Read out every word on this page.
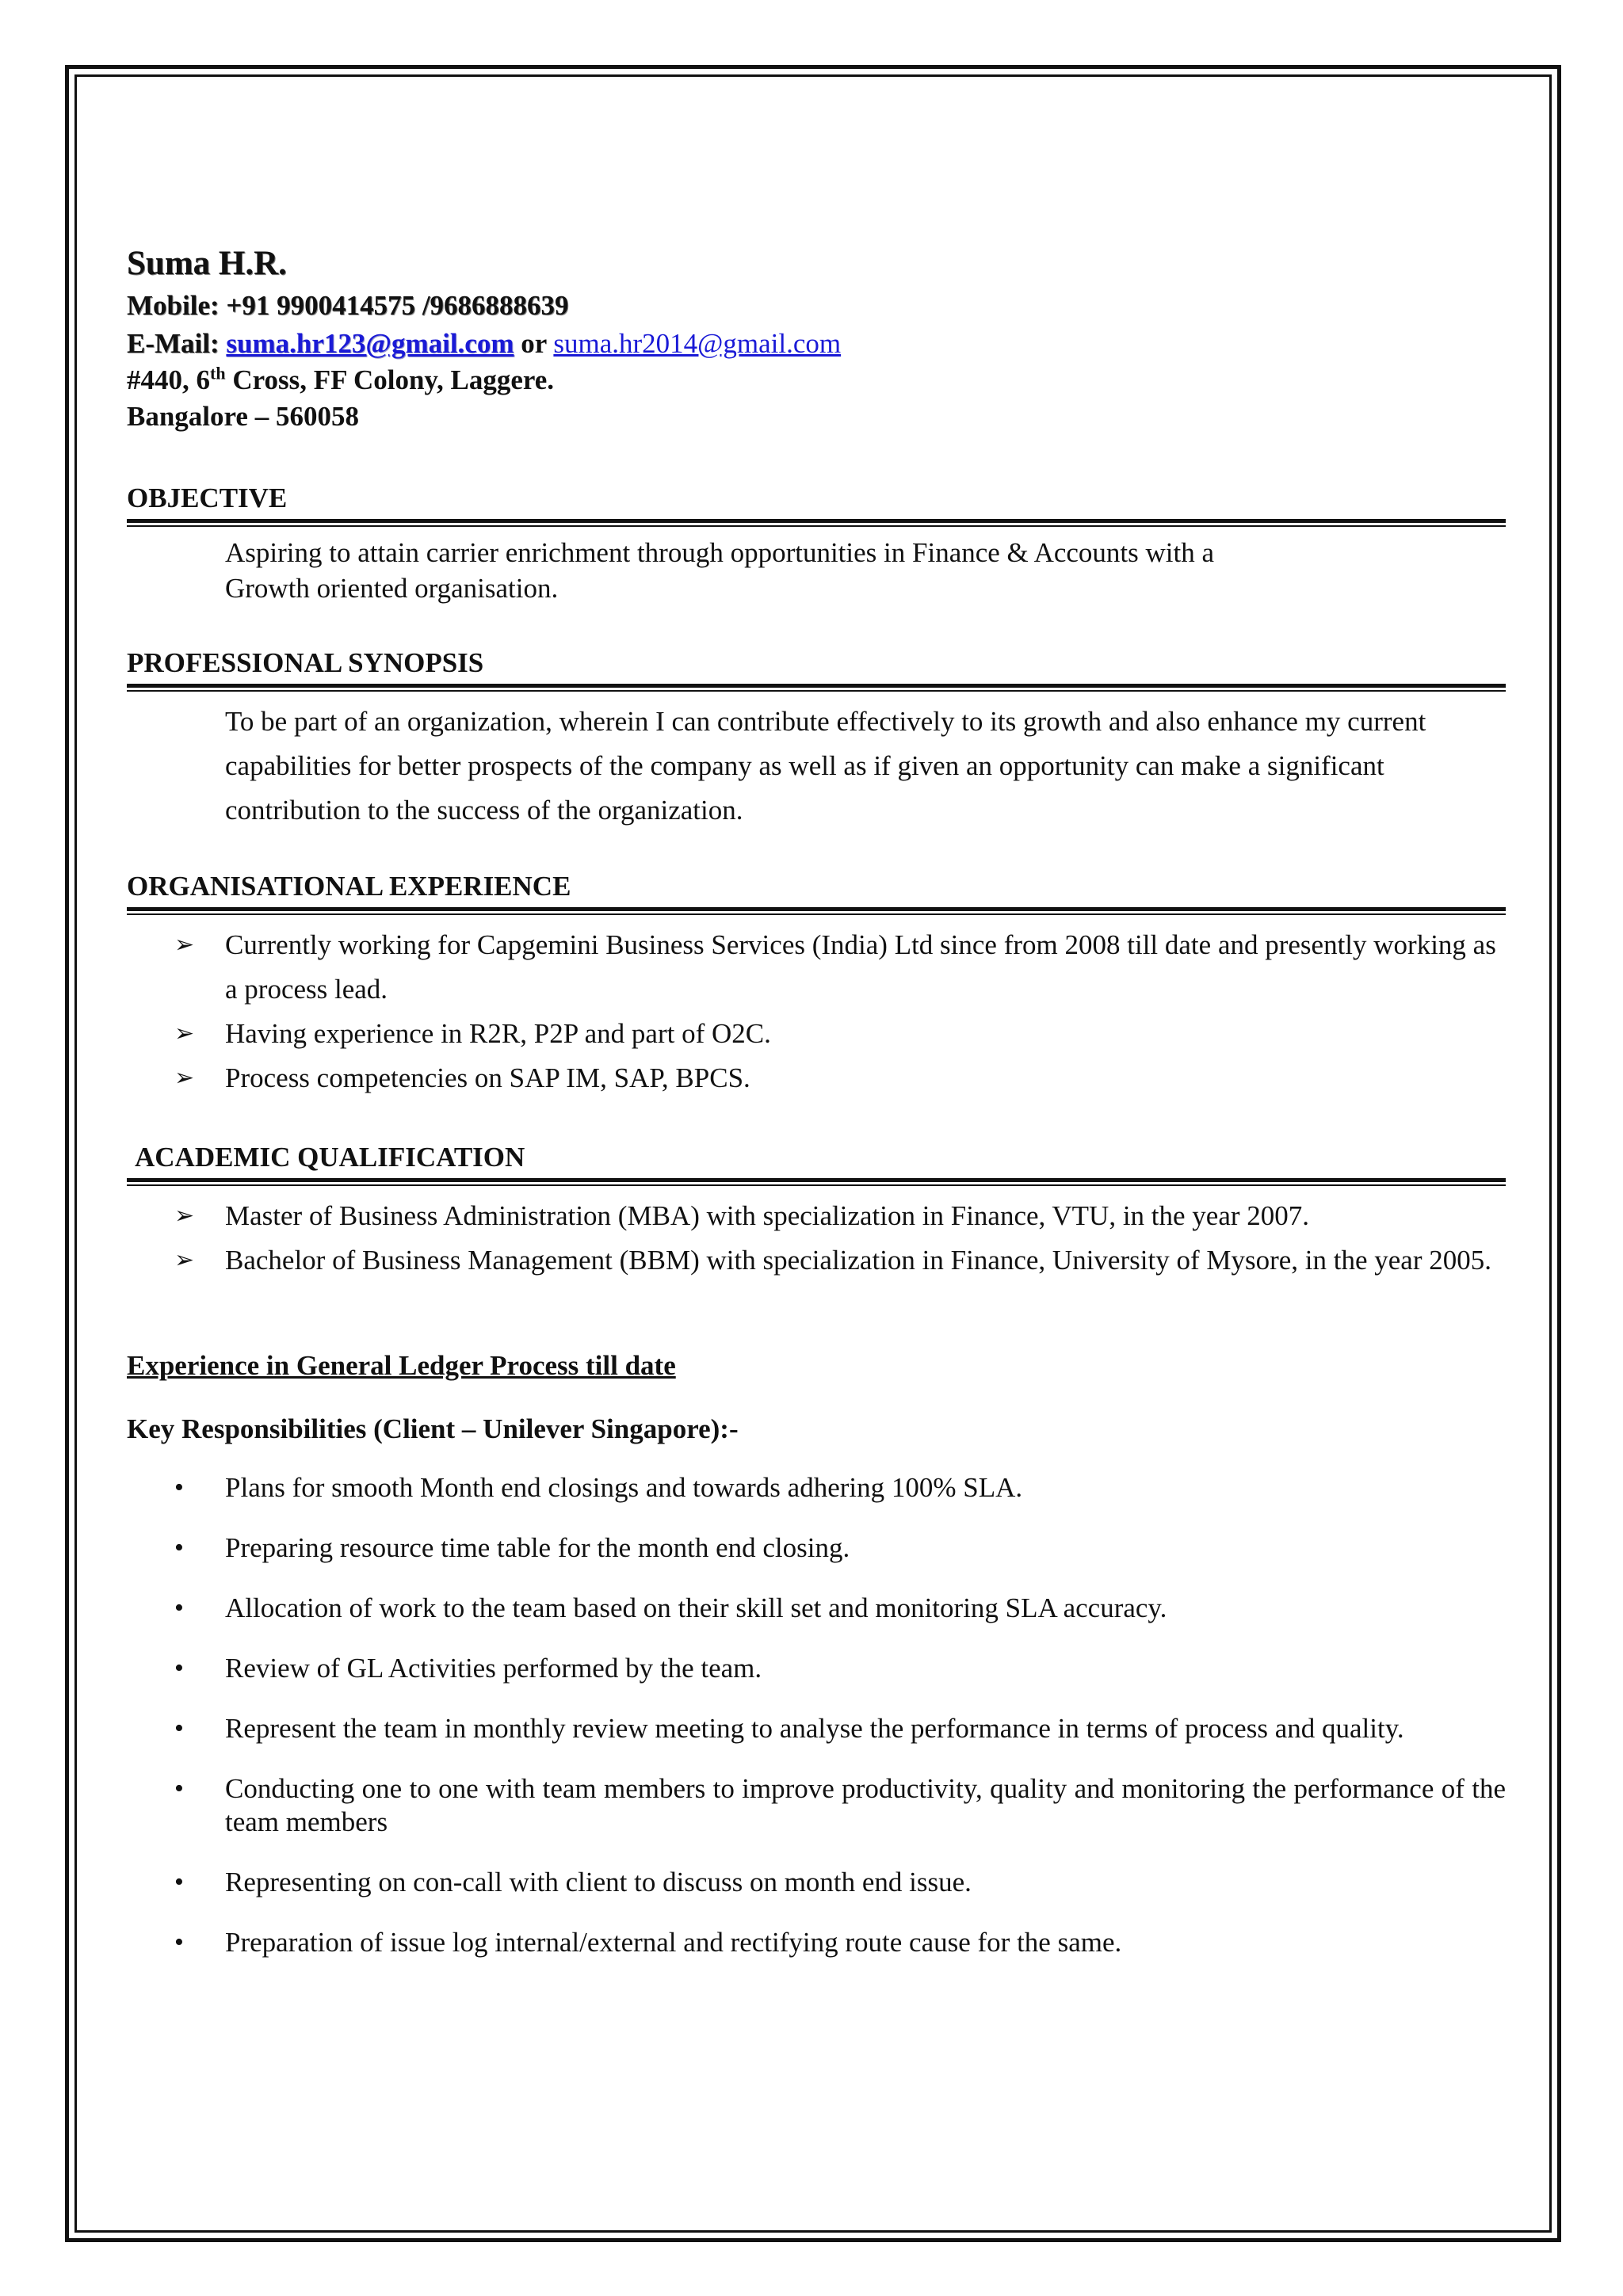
Suma H.R.

Mobile: +91 9900414575 /9686888639

E-Mail: suma.hr123@gmail.com or suma.hr2014@gmail.com

#440, 6th Cross, FF Colony, Laggere.

Bangalore – 560058

OBJECTIVE

Aspiring to attain carrier enrichment through opportunities in Finance & Accounts with a

Growth oriented organisation.

PROFESSIONAL SYNOPSIS

To be part of an organization, wherein I can contribute effectively to its growth and also enhance my current capabilities for better prospects of the company as well as if given an opportunity can make a significant contribution to the success of the organization.

ORGANISATIONAL EXPERIENCE

➢ Currently working for Capgemini Business Services (India) Ltd since from 2008 till date and presently working as a process lead.
➢ Having experience in R2R, P2P and part of O2C.
➢ Process competencies on SAP IM, SAP, BPCS.

ACADEMIC QUALIFICATION

➢ Master of Business Administration (MBA) with specialization in Finance, VTU, in the year 2007.
➢ Bachelor of Business Management (BBM) with specialization in Finance, University of Mysore, in the year 2005.

Experience in General Ledger Process till date

Key Responsibilities (Client – Unilever Singapore):-

• Plans for smooth Month end closings and towards adhering 100% SLA.
• Preparing resource time table for the month end closing.
• Allocation of work to the team based on their skill set and monitoring SLA accuracy.
• Review of GL Activities performed by the team.
• Represent the team in monthly review meeting to analyse the performance in terms of process and quality.
• Conducting one to one with team members to improve productivity, quality and monitoring the performance of the team members
• Representing on con-call with client to discuss on month end issue.
• Preparation of issue log internal/external and rectifying route cause for the same.
